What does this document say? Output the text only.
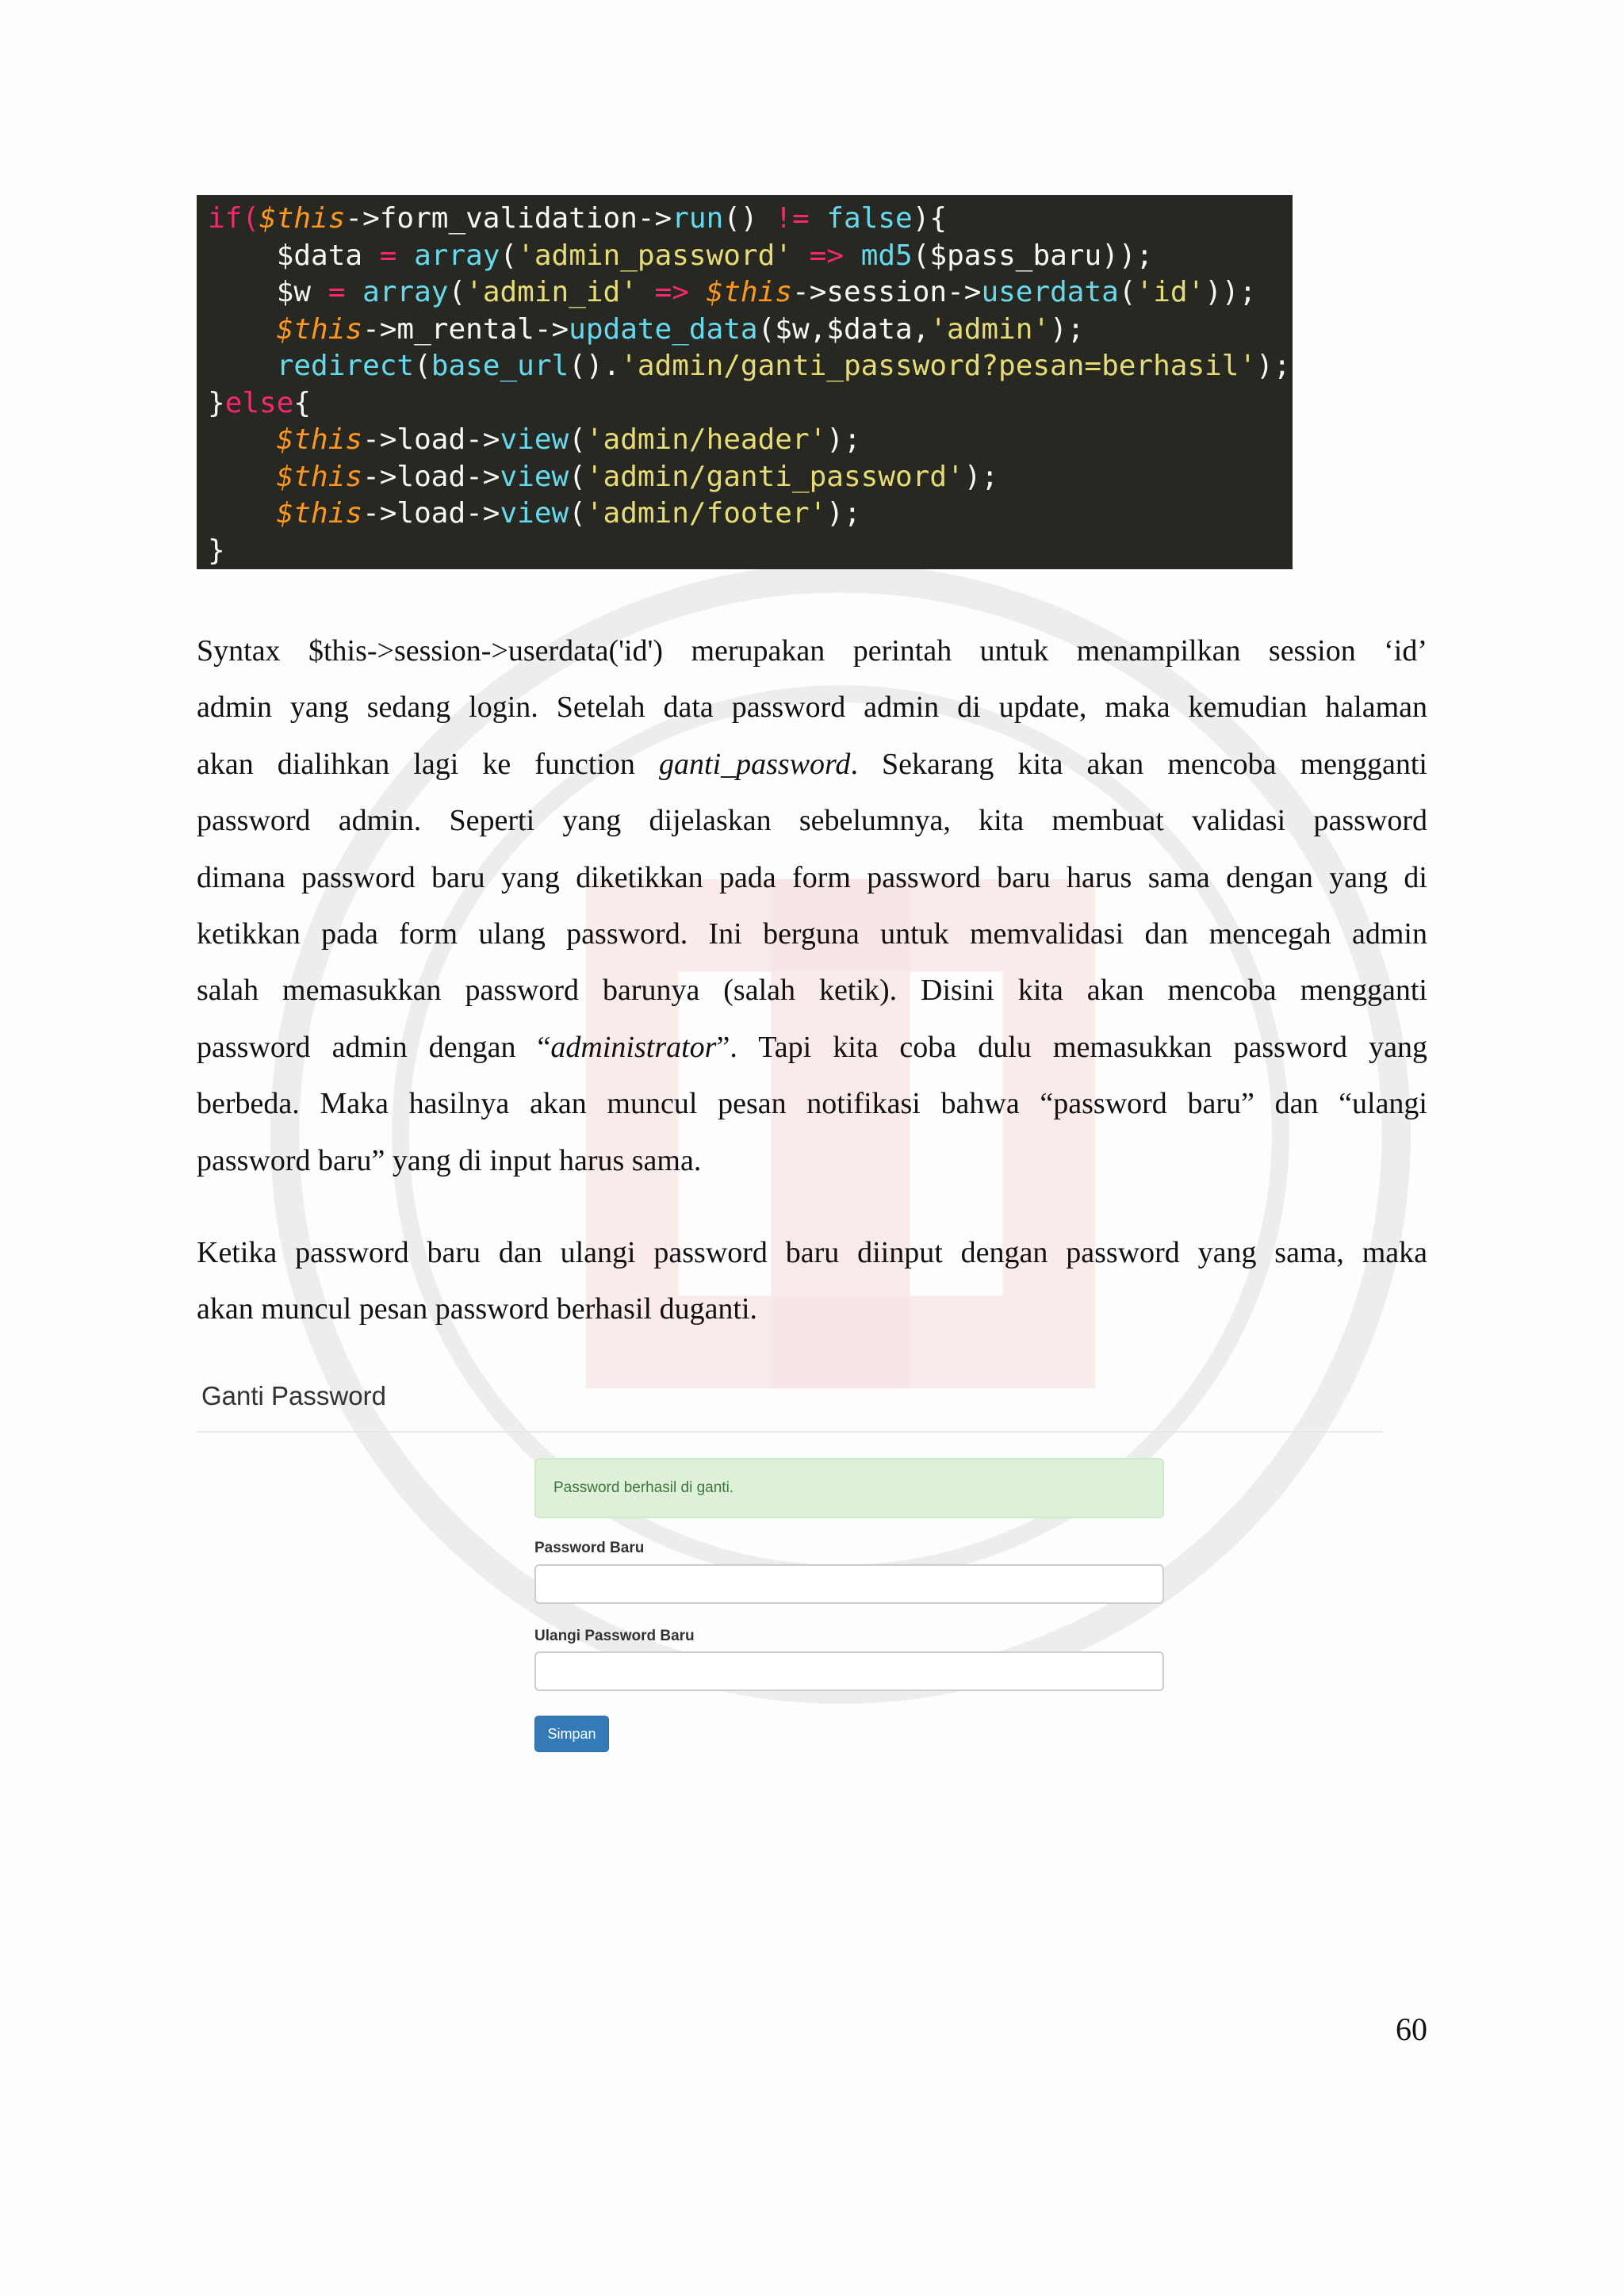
if($this->form_validation->run() != false){
$data = array('admin_password' => md5($pass_baru));
$w = array('admin_id' => $this->session->userdata('id'));
$this->m_rental->update_data($w,$data,'admin');
redirect(base_url().'admin/ganti_password?pesan=berhasil');
}else{
$this->load->view('admin/header');
$this->load->view('admin/ganti_password');
$this->load->view('admin/footer');
}
Syntax $this->session->userdata('id') merupakan perintah untuk menampilkan session ‘id’
admin yang sedang login. Setelah data password admin di update, maka kemudian halaman
akan dialihkan lagi ke function ganti_password. Sekarang kita akan mencoba mengganti
password admin. Seperti yang dijelaskan sebelumnya, kita membuat validasi password
dimana password baru yang diketikkan pada form password baru harus sama dengan yang di
ketikkan pada form ulang password. Ini berguna untuk memvalidasi dan mencegah admin
salah memasukkan password barunya (salah ketik). Disini kita akan mencoba mengganti
password admin dengan “administrator”. Tapi kita coba dulu memasukkan password yang
berbeda. Maka hasilnya akan muncul pesan notifikasi bahwa “password baru” dan “ulangi
password baru” yang di input harus sama.
Ketika password baru dan ulangi password baru diinput dengan password yang sama, maka
akan muncul pesan password berhasil duganti.
Ganti Password
Password berhasil di ganti.
Password Baru
Ulangi Password Baru
Simpan
60
